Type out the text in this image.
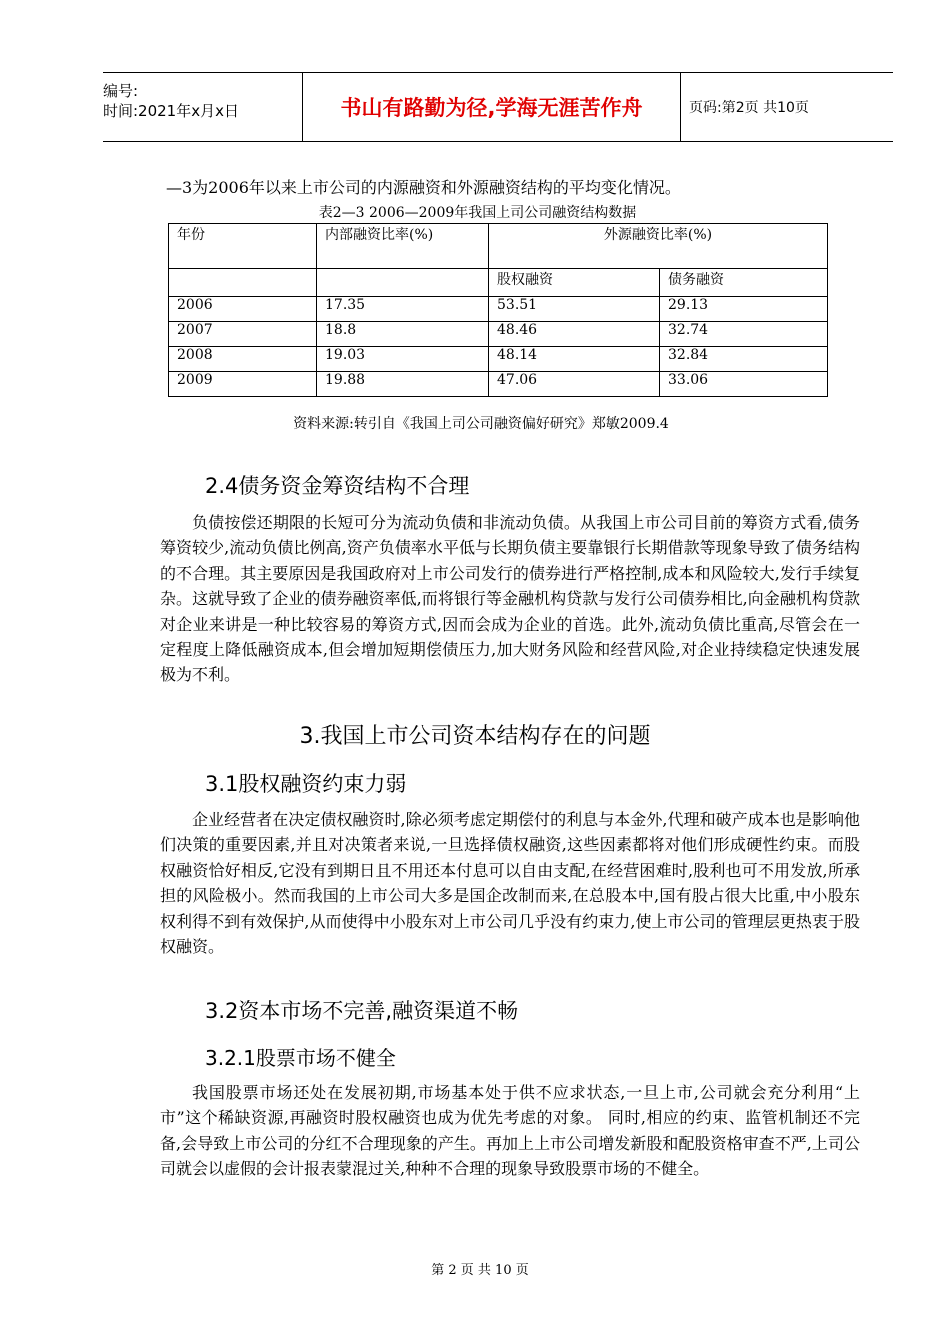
编号:
时间:2021年x月x日	书山有路勤为径,学海无涯苦作舟	页码:第2页 共10页
—3为2006年以来上市公司的内源融资和外源融资结构的平均变化情况。
表2—3 2006—2009年我国上司公司融资结构数据
年份	内部融资比率(%)	外源融资比率(%)	
		股权融资	债务融资
2006	17.35	53.51	29.13
2007	18.8	48.46	32.74
2008	19.03	48.14	32.84
2009	19.88	47.06	33.06
资料来源:转引自《我国上司公司融资偏好研究》郑敏2009.4
2.4债务资金筹资结构不合理
负债按偿还期限的长短可分为流动负债和非流动负债。从我国上市公司目前的筹资方式看,债务筹资较少,流动负债比例高,资产负债率水平低与长期负债主要靠银行长期借款等现象导致了债务结构的不合理。其主要原因是我国政府对上市公司发行的债券进行严格控制,成本和风险较大,发行手续复杂。这就导致了企业的债券融资率低,而将银行等金融机构贷款与发行公司债券相比,向金融机构贷款对企业来讲是一种比较容易的筹资方式,因而会成为企业的首选。此外,流动负债比重高,尽管会在一定程度上降低融资成本,但会增加短期偿债压力,加大财务风险和经营风险,对企业持续稳定快速发展极为不利。
3.我国上市公司资本结构存在的问题
3.1股权融资约束力弱
企业经营者在决定债权融资时,除必须考虑定期偿付的利息与本金外,代理和破产成本也是影响他们决策的重要因素,并且对决策者来说,一旦选择债权融资,这些因素都将对他们形成硬性约束。而股权融资恰好相反,它没有到期日且不用还本付息可以自由支配,在经营困难时,股利也可不用发放,所承担的风险极小。然而我国的上市公司大多是国企改制而来,在总股本中,国有股占很大比重,中小股东权利得不到有效保护,从而使得中小股东对上市公司几乎没有约束力,使上市公司的管理层更热衷于股权融资。
3.2资本市场不完善,融资渠道不畅
3.2.1股票市场不健全
我国股票市场还处在发展初期,市场基本处于供不应求状态,一旦上市,公司就会充分利用“上市”这个稀缺资源,再融资时股权融资也成为优先考虑的对象。 同时,相应的约束、监管机制还不完备,会导致上市公司的分红不合理现象的产生。再加上上市公司增发新股和配股资格审查不严,上司公司就会以虚假的会计报表蒙混过关,种种不合理的现象导致股票市场的不健全。
第 2 页 共 10 页
